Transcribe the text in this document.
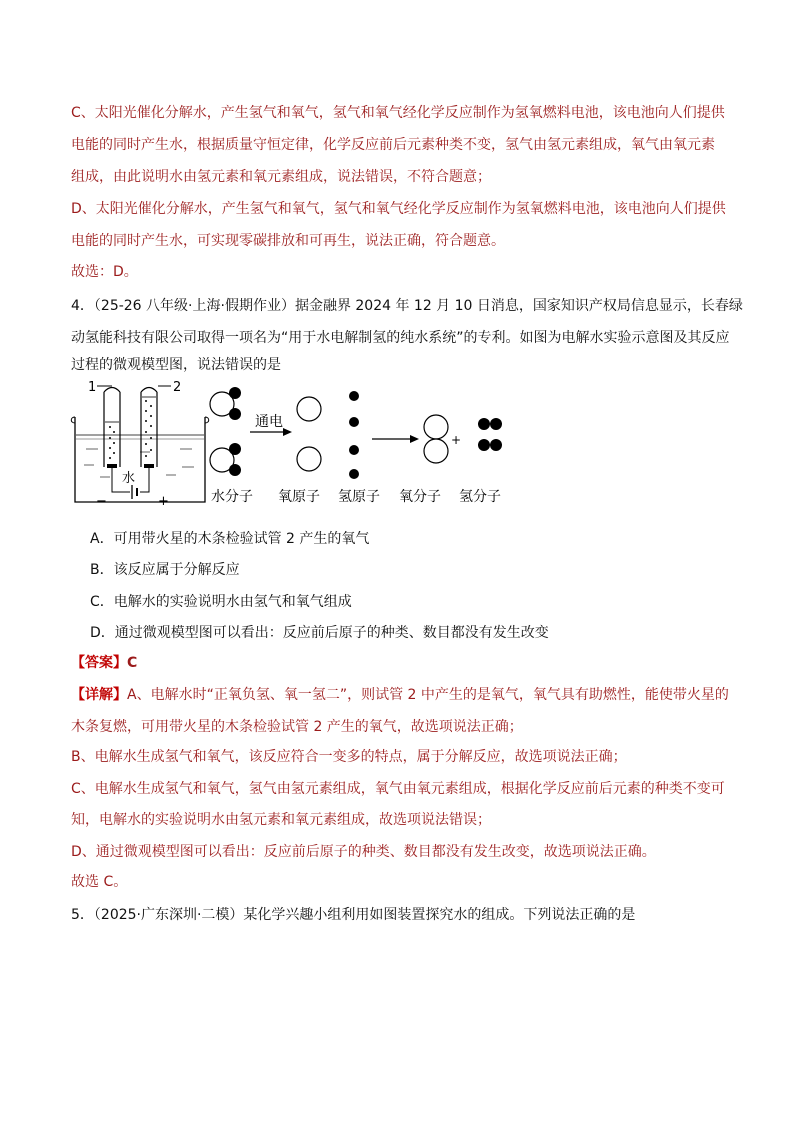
C、太阳光催化分解水，产生氢气和氧气，氢气和氧气经化学反应制作为氢氧燃料电池，该电池向人们提供
电能的同时产生水，根据质量守恒定律，化学反应前后元素种类不变，氢气由氢元素组成，氧气由氧元素
组成，由此说明水由氢元素和氧元素组成，说法错误，不符合题意；
D、太阳光催化分解水，产生氢气和氧气，氢气和氧气经化学反应制作为氢氧燃料电池，该电池向人们提供
电能的同时产生水，可实现零碳排放和可再生，说法正确，符合题意。
故选：D。
4．（25-26 八年级·上海·假期作业）据金融界 2024 年 12 月 10 日消息，国家知识产权局信息显示，长春绿
动氢能科技有限公司取得一项名为“用于水电解制氢的纯水系统”的专利。如图为电解水实验示意图及其反应
过程的微观模型图，说法错误的是
1	2
水
−	+
通电
+
水分子 氧原子 氢原子 氧分子 氢分子
A．可用带火星的木条检验试管 2 产生的氧气
B．该反应属于分解反应
C．电解水的实验说明水由氢气和氧气组成
D．通过微观模型图可以看出：反应前后原子的种类、数目都没有发生改变
【答案】C
【详解】A、电解水时“正氧负氢、氧一氢二”，则试管 2 中产生的是氧气，氧气具有助燃性，能使带火星的
木条复燃，可用带火星的木条检验试管 2 产生的氧气，故选项说法正确；
B、电解水生成氢气和氧气，该反应符合一变多的特点，属于分解反应，故选项说法正确；
C、电解水生成氢气和氧气，氢气由氢元素组成，氧气由氧元素组成，根据化学反应前后元素的种类不变可
知，电解水的实验说明水由氢元素和氧元素组成，故选项说法错误；
D、通过微观模型图可以看出：反应前后原子的种类、数目都没有发生改变，故选项说法正确。
故选 C。
5．（2025·广东深圳·二模）某化学兴趣小组利用如图装置探究水的组成。下列说法正确的是
